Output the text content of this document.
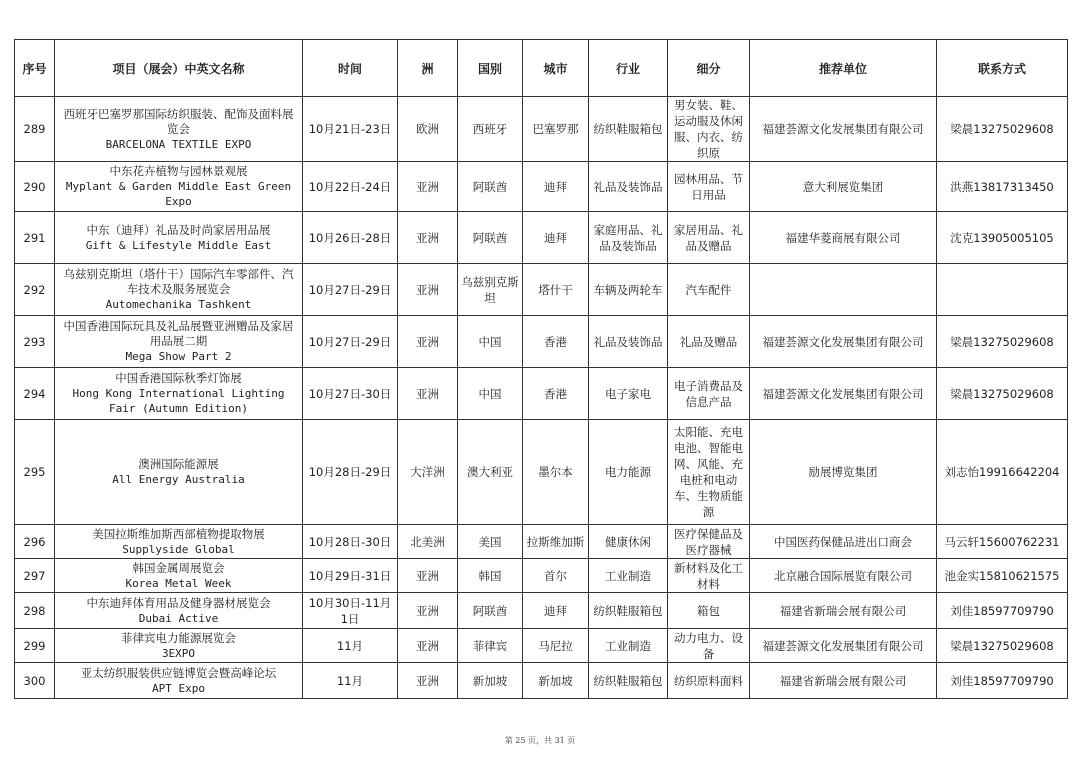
序号	项目（展会）中英文名称	时间	洲	国别	城市	行业	细分	推荐单位	联系方式
289	西班牙巴塞罗那国际纺织服装、配饰及面料展览会
BARCELONA TEXTILE EXPO	10月21日-23日	欧洲	西班牙	巴塞罗那	纺织鞋服箱包	男女装、鞋、运动服及休闲服、内衣、纺织原	福建荟源文化发展集团有限公司	梁晨13275029608
290	中东花卉植物与园林景观展
Myplant & Garden Middle East Green Expo	10月22日-24日	亚洲	阿联酋	迪拜	礼品及装饰品	园林用品、节日用品	意大利展览集团	洪燕13817313450
291	中东（迪拜）礼品及时尚家居用品展
Gift & Lifestyle Middle East	10月26日-28日	亚洲	阿联酋	迪拜	家庭用品、礼品及装饰品	家居用品、礼品及赠品	福建华菱商展有限公司	沈克13905005105
292	乌兹别克斯坦（塔什干）国际汽车零部件、汽车技术及服务展览会
Automechanika Tashkent	10月27日-29日	亚洲	乌兹别克斯坦	塔什干	车辆及两轮车	汽车配件		
293	中国香港国际玩具及礼品展暨亚洲赠品及家居用品展二期
Mega Show Part 2	10月27日-29日	亚洲	中国	香港	礼品及装饰品	礼品及赠品	福建荟源文化发展集团有限公司	梁晨13275029608
294	中国香港国际秋季灯饰展
Hong Kong International Lighting Fair (Autumn Edition)	10月27日-30日	亚洲	中国	香港	电子家电	电子消费品及信息产品	福建荟源文化发展集团有限公司	梁晨13275029608
295	澳洲国际能源展
All Energy Australia	10月28日-29日	大洋洲	澳大利亚	墨尔本	电力能源	太阳能、充电电池、智能电网、风能、充电桩和电动车、生物质能源	励展博览集团	刘志怡19916642204
296	美国拉斯维加斯西部植物提取物展
Supplyside Global	10月28日-30日	北美洲	美国	拉斯维加斯	健康休闲	医疗保健品及医疗器械	中国医药保健品进出口商会	马云轩15600762231
297	韩国金属周展览会
Korea Metal Week	10月29日-31日	亚洲	韩国	首尔	工业制造	新材料及化工材料	北京融合国际展览有限公司	池金实15810621575
298	中东迪拜体育用品及健身器材展览会
Dubai Active	10月30日-11月1日	亚洲	阿联酋	迪拜	纺织鞋服箱包	箱包	福建省新瑞会展有限公司	刘佳18597709790
299	菲律宾电力能源展览会
3EXPO	11月	亚洲	菲律宾	马尼拉	工业制造	动力电力、设备	福建荟源文化发展集团有限公司	梁晨13275029608
300	亚太纺织服装供应链博览会暨高峰论坛
APT Expo	11月	亚洲	新加坡	新加坡	纺织鞋服箱包	纺织原料面料	福建省新瑞会展有限公司	刘佳18597709790
第 25 页，共 31 页
